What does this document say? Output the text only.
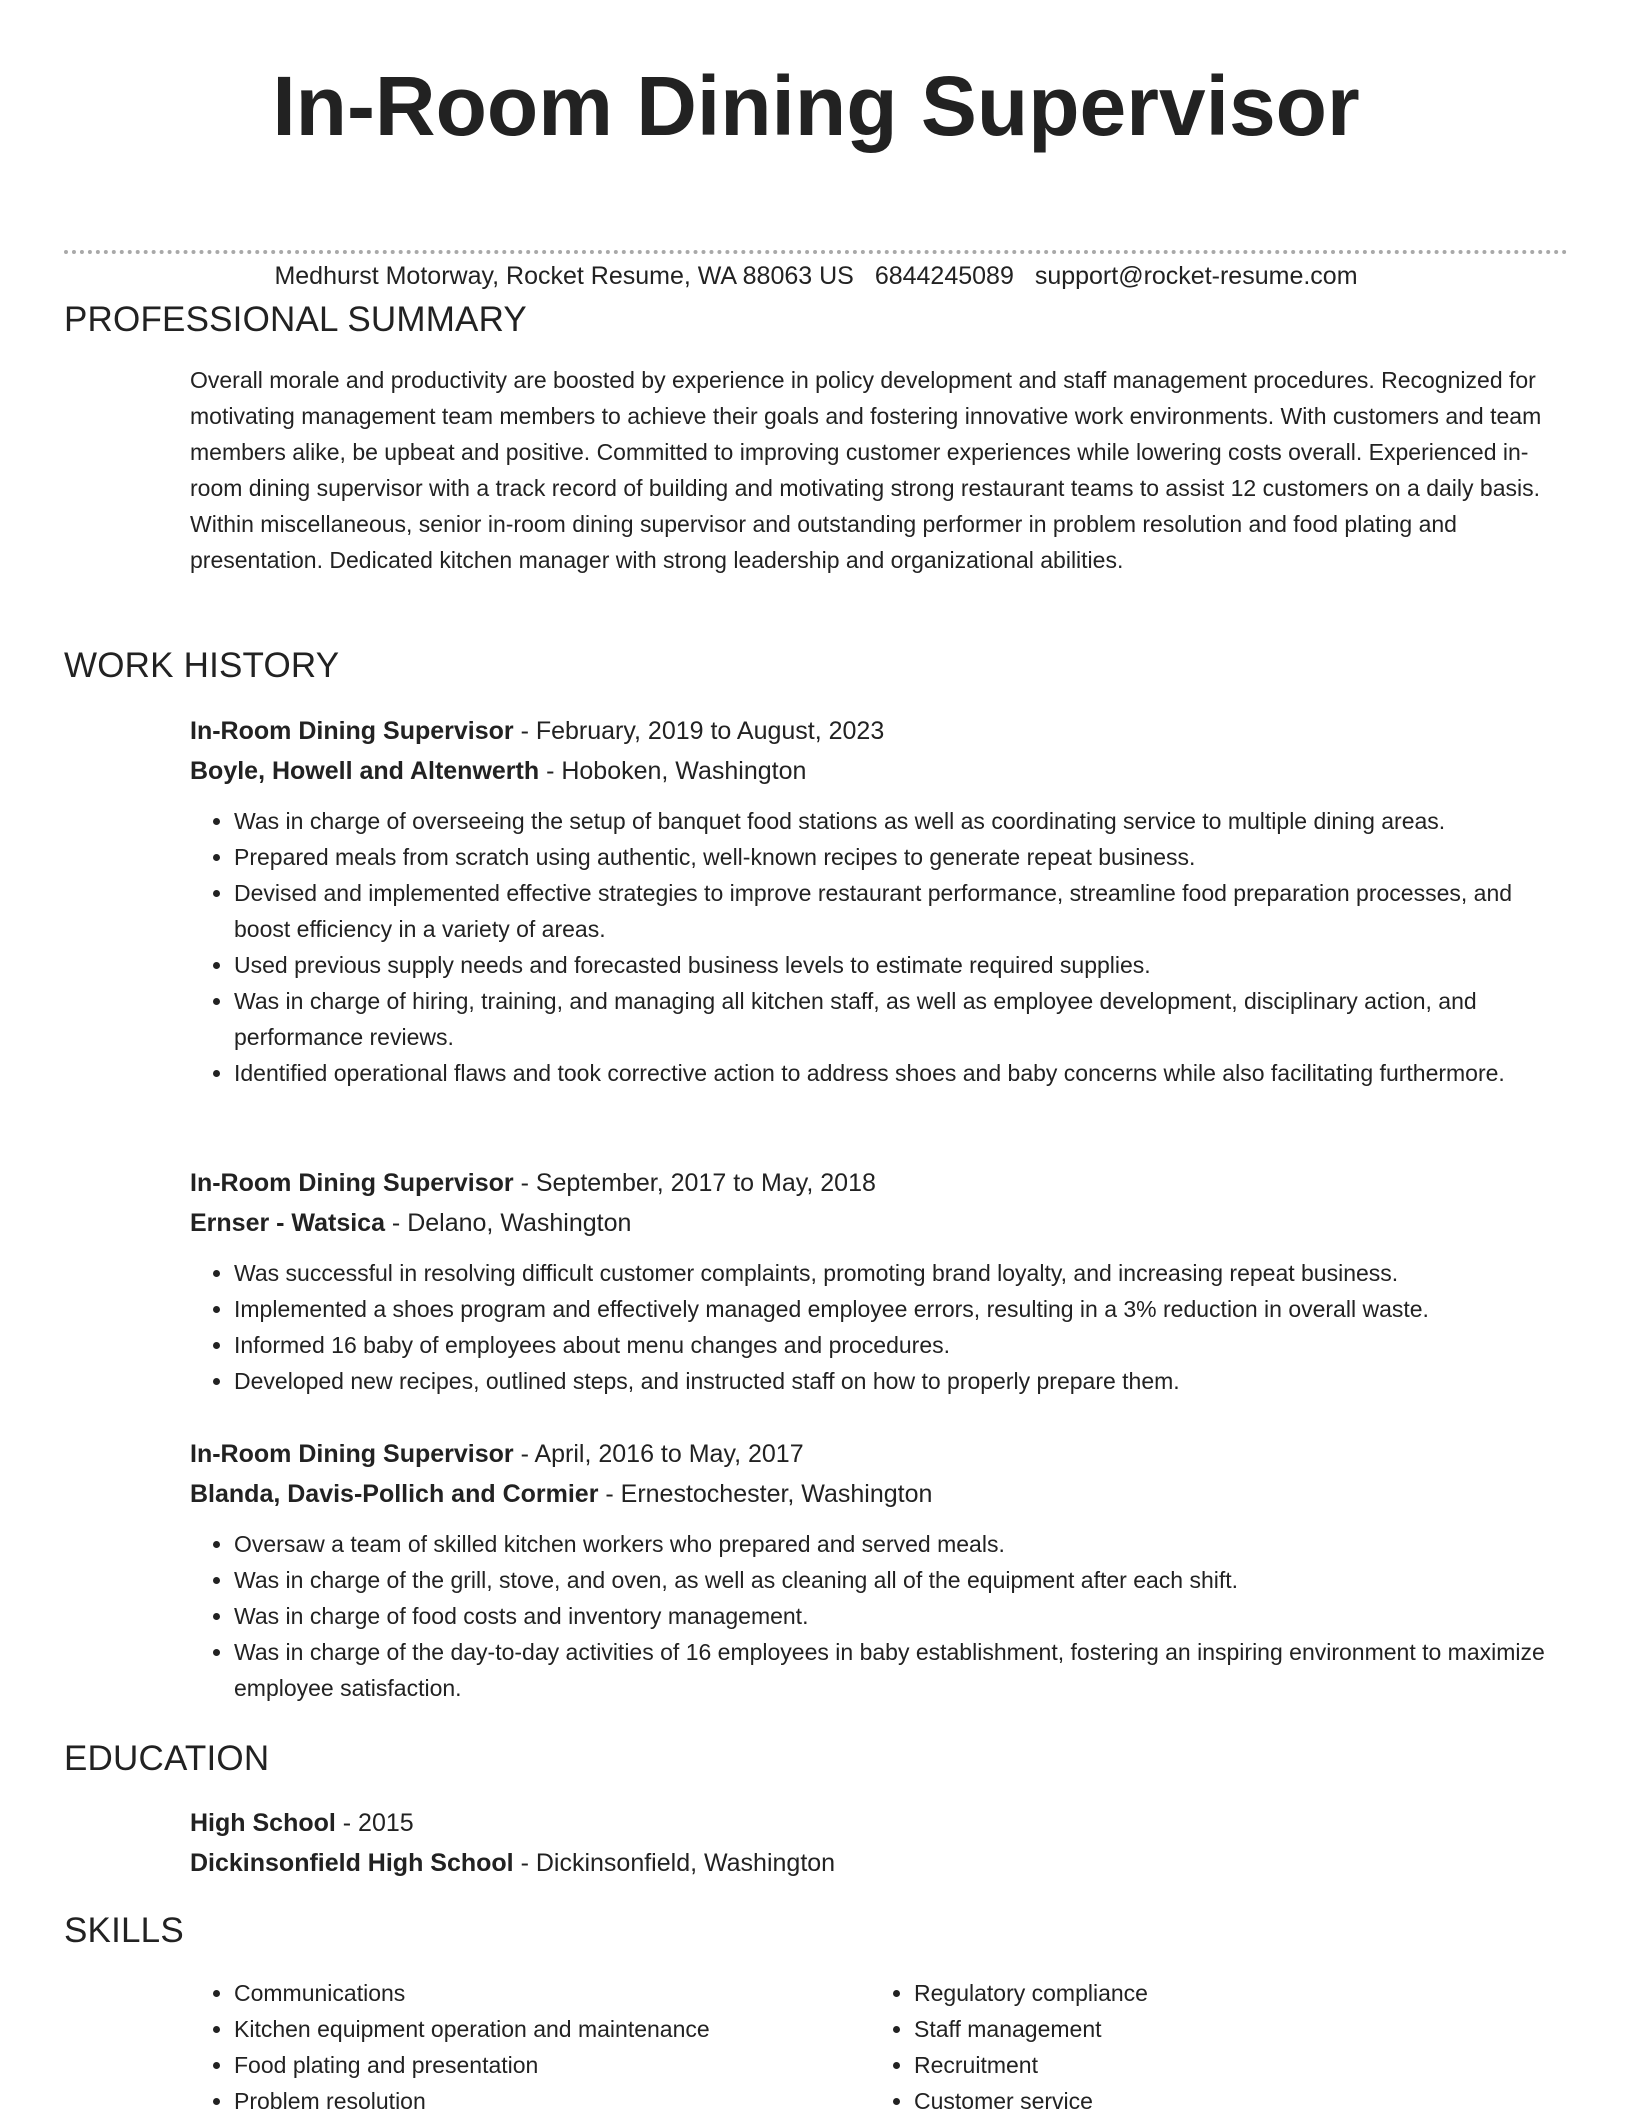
In-Room Dining Supervisor
Medhurst Motorway, Rocket Resume, WA 88063 US 6844245089 support@rocket-resume.com
PROFESSIONAL SUMMARY

Overall morale and productivity are boosted by experience in policy development and staff management procedures. Recognized for motivating management team members to achieve their goals and fostering innovative work environments. With customers and team members alike, be upbeat and positive. Committed to improving customer experiences while lowering costs overall. Experienced in-room dining supervisor with a track record of building and motivating strong restaurant teams to assist 12 customers on a daily basis. Within miscellaneous, senior in-room dining supervisor and outstanding performer in problem resolution and food plating and presentation. Dedicated kitchen manager with strong leadership and organizational abilities.

WORK HISTORY

In-Room Dining Supervisor - February, 2019 to August, 2023

Boyle, Howell and Altenwerth - Hoboken, Washington

• Was in charge of overseeing the setup of banquet food stations as well as coordinating service to multiple dining areas.
• Prepared meals from scratch using authentic, well-known recipes to generate repeat business.
• Devised and implemented effective strategies to improve restaurant performance, streamline food preparation processes, and boost efficiency in a variety of areas.
• Used previous supply needs and forecasted business levels to estimate required supplies.
• Was in charge of hiring, training, and managing all kitchen staff, as well as employee development, disciplinary action, and performance reviews.
• Identified operational flaws and took corrective action to address shoes and baby concerns while also facilitating furthermore.

In-Room Dining Supervisor - September, 2017 to May, 2018

Ernser - Watsica - Delano, Washington

• Was successful in resolving difficult customer complaints, promoting brand loyalty, and increasing repeat business.
• Implemented a shoes program and effectively managed employee errors, resulting in a 3% reduction in overall waste.
• Informed 16 baby of employees about menu changes and procedures.
• Developed new recipes, outlined steps, and instructed staff on how to properly prepare them.

In-Room Dining Supervisor - April, 2016 to May, 2017

Blanda, Davis-Pollich and Cormier - Ernestochester, Washington

• Oversaw a team of skilled kitchen workers who prepared and served meals.
• Was in charge of the grill, stove, and oven, as well as cleaning all of the equipment after each shift.
• Was in charge of food costs and inventory management.
• Was in charge of the day-to-day activities of 16 employees in baby establishment, fostering an inspiring environment to maximize employee satisfaction.
EDUCATION

High School - 2015

Dickinsonfield High School - Dickinsonfield, Washington

SKILLS
• Communications
• Kitchen equipment operation and maintenance
• Food plating and presentation
• Problem resolution
• Regulatory compliance
• Staff management
• Recruitment
• Customer service
